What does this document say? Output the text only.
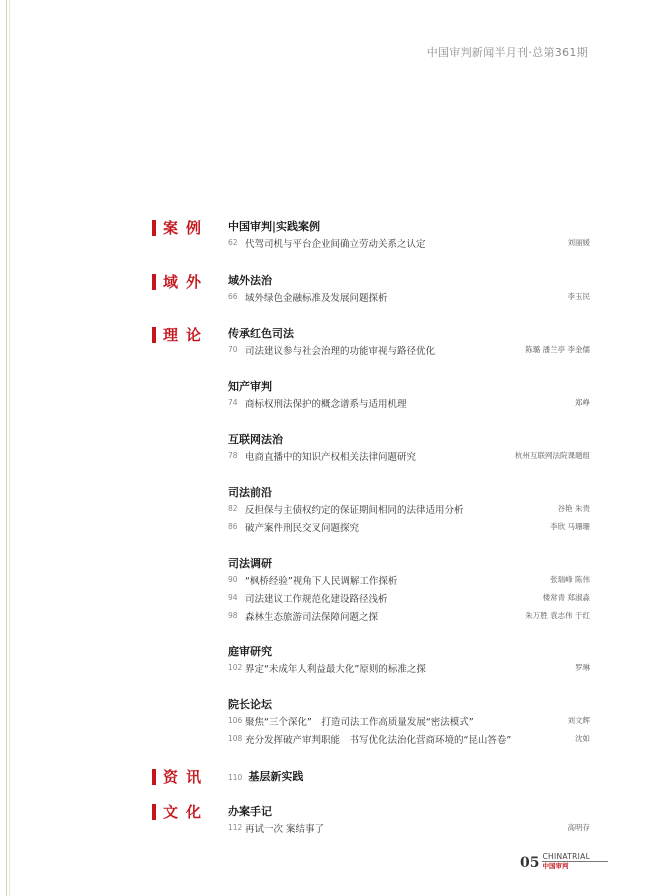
中国审判新闻半月刊·总第361期
案例
域外
理论
资讯
文化
中国审判|实践案例
62 代驾司机与平台企业间确立劳动关系之认定	刘丽媛
域外法治
66 域外绿色金融标准及发展问题探析	李玉民
传承红色司法
70 司法建议参与社会治理的功能审视与路径优化	陈璐 潘兰亭 李金儒
知产审判
74 商标权刑法保护的概念谱系与适用机理	郑峥
互联网法治
78 电商直播中的知识产权相关法律问题研究	杭州互联网法院课题组
司法前沿
82 反担保与主债权约定的保证期间相同的法律适用分析	谷艳 朱贵
86 破产案件刑民交叉问题探究	李欣 马珊珊
司法调研
90 “枫桥经验”视角下人民调解工作探析	张瑞峰 陈伟
94 司法建议工作规范化建设路径浅析	楼常青 郑淑淼
98 森林生态旅游司法保障问题之探	朱万胜 袁志伟 于红
庭审研究
102 界定“未成年人利益最大化”原则的标准之探	罗琳
院长论坛
106 聚焦“三个深化”　打造司法工作高质量发展“密法模式”	刘文辉
108 充分发挥破产审判职能　书写优化法治化营商环境的“昆山答卷”	沈如
110 基层新实践
办案手记
112 再试一次 案结事了	高明存
05 CHINATRIAL
中国审判
